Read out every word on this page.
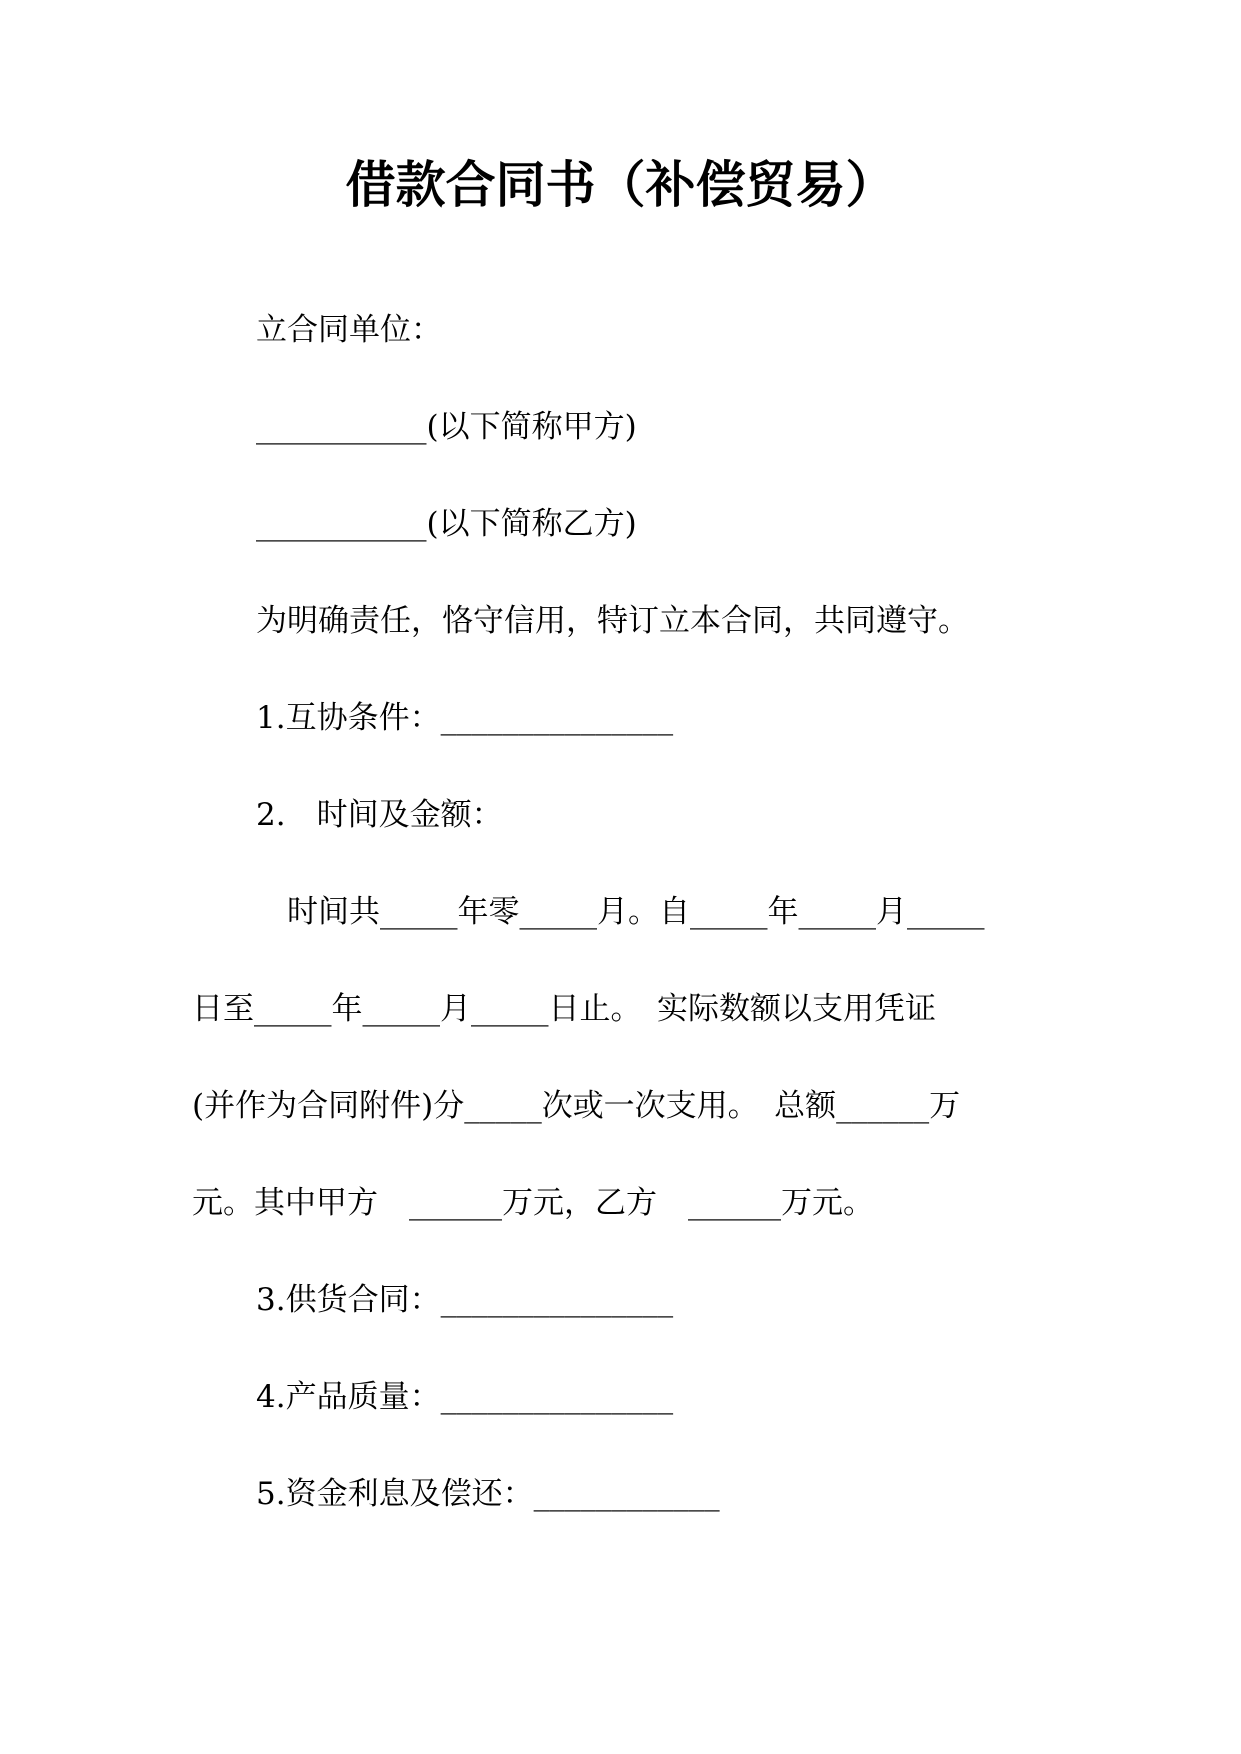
借款合同书（补偿贸易）

立合同单位：

___________(以下简称甲方)

___________(以下简称乙方)

为明确责任，恪守信用，特订立本合同，共同遵守。

1.互协条件：_______________

2.　时间及金额：

　时间共_____年零_____月。自_____年_____月_____

日至_____年_____月_____日止。　实际数额以支用凭证

(并作为合同附件)分_____次或一次支用。　总额______万

元。其中甲方　______万元，乙方　______万元。

3.供货合同：_______________

4.产品质量：_______________

5.资金利息及偿还：____________
